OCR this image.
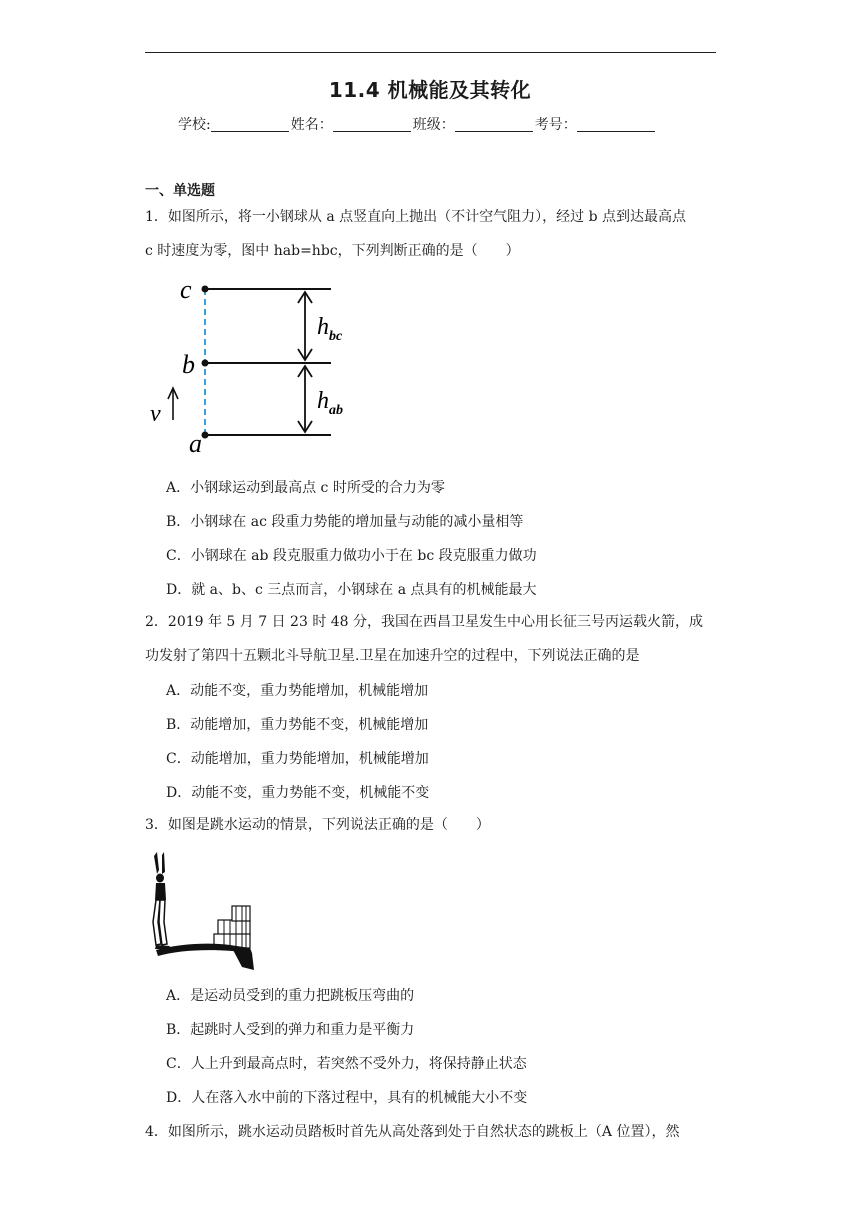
11.4 机械能及其转化
学校:	姓名：	班级：	考号：
一、单选题
1．如图所示，将一小钢球从 a 点竖直向上抛出（不计空气阻力），经过 b 点到达最高点
c 时速度为零，图中 hab=hbc，下列判断正确的是（　　）
c
b
a
v
$h_{bc}$
$h_{ab}$
A．小钢球运动到最高点 c 时所受的合力为零
B．小钢球在 ac 段重力势能的增加量与动能的减小量相等
C．小钢球在 ab 段克服重力做功小于在 bc 段克服重力做功
D．就 a、b、c 三点而言，小钢球在 a 点具有的机械能最大
2．2019 年 5 月 7 日 23 时 48 分，我国在西昌卫星发生中心用长征三号丙运载火箭，成
功发射了第四十五颗北斗导航卫星.卫星在加速升空的过程中，下列说法正确的是
A．动能不变，重力势能增加，机械能增加
B．动能增加，重力势能不变，机械能增加
C．动能增加，重力势能增加，机械能增加
D．动能不变，重力势能不变，机械能不变
3．如图是跳水运动的情景，下列说法正确的是（　　）
A．是运动员受到的重力把跳板压弯曲的
B．起跳时人受到的弹力和重力是平衡力
C．人上升到最高点时，若突然不受外力，将保持静止状态
D．人在落入水中前的下落过程中，具有的机械能大小不变
4．如图所示，跳水运动员踏板时首先从高处落到处于自然状态的跳板上（A 位置），然
